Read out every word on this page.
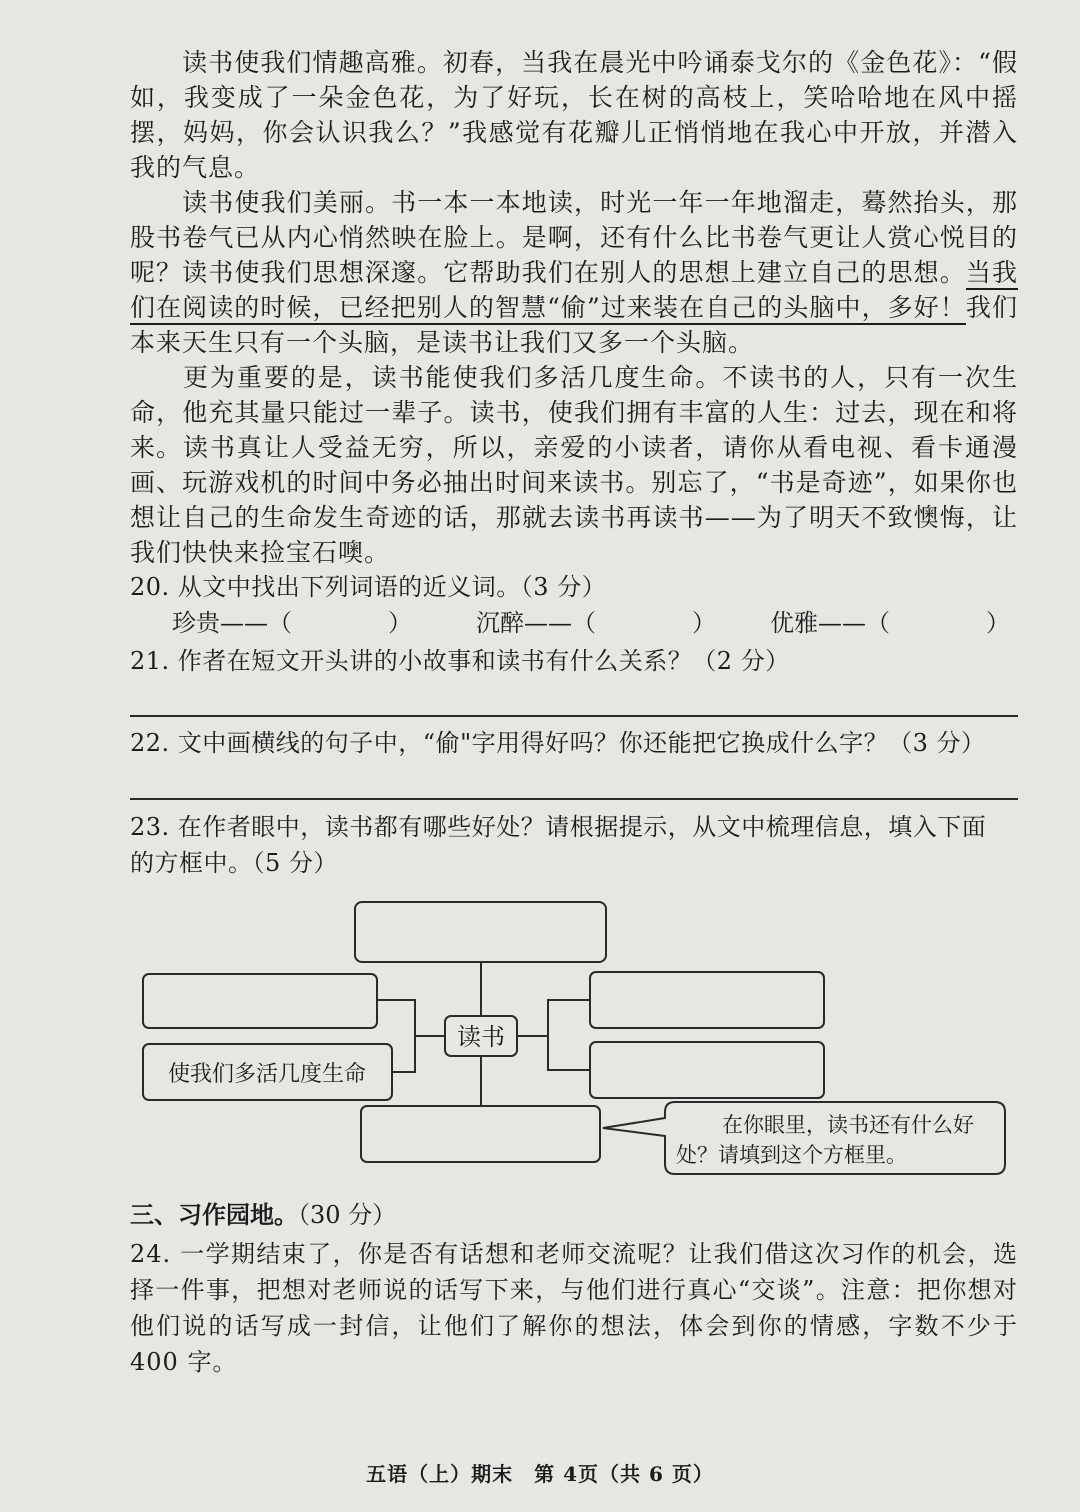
读书使我们情趣高雅。初春，当我在晨光中吟诵泰戈尔的《金色花》：“假如，我变成了一朵金色花，为了好玩，长在树的高枝上，笑哈哈地在风中摇摆，妈妈，你会认识我么？”我感觉有花瓣儿正悄悄地在我心中开放，并潜入我的气息。
读书使我们美丽。书一本一本地读，时光一年一年地溜走，蓦然抬头，那股书卷气已从内心悄然映在脸上。是啊，还有什么比书卷气更让人赏心悦目的呢？ 读书使我们思想深邃。它帮助我们在别人的思想上建立自己的思想。当我们在阅读的时候，已经把别人的智慧“偷”过来装在自己的头脑中，多好！我们本来天生只有一个头脑，是读书让我们又多一个头脑。
更为重要的是，读书能使我们多活几度生命。不读书的人，只有一次生命，他充其量只能过一辈子。读书，使我们拥有丰富的人生：过去，现在和将来。 读书真让人受益无穷，所以，亲爱的小读者，请你从看电视、看卡通漫画、玩游戏机的时间中务必抽出时间来读书。别忘了，“书是奇迹”，如果你也想让自己的生命发生奇迹的话，那就去读书再读书——为了明天不致懊悔，让我们快快来捡宝石噢。
20. 从文中找出下列词语的近义词。（3 分）
珍贵——（　　　　）	沉醉——（　　　　） 优雅——（　　　　）
21. 作者在短文开头讲的小故事和读书有什么关系？（2 分）
22. 文中画横线的句子中，“偷"字用得好吗？你还能把它换成什么字？（3 分）
23. 在作者眼中，读书都有哪些好处？请根据提示，从文中梳理信息，填入下面
的方框中。（5 分）
读书
使我们多活几度生命
在你眼里，读书还有什么好
处？请填到这个方框里。
三、习作园地。（30 分）
24. 一学期结束了，你是否有话想和老师交流呢？让我们借这次习作的机会，选择一件事，把想对老师说的话写下来，与他们进行真心“交谈”。注意：把你想对他们说的话写成一封信，让他们了解你的想法，体会到你的情感，字数不少于 400 字。
五语（上）期末　第 4页（共 6 页）
